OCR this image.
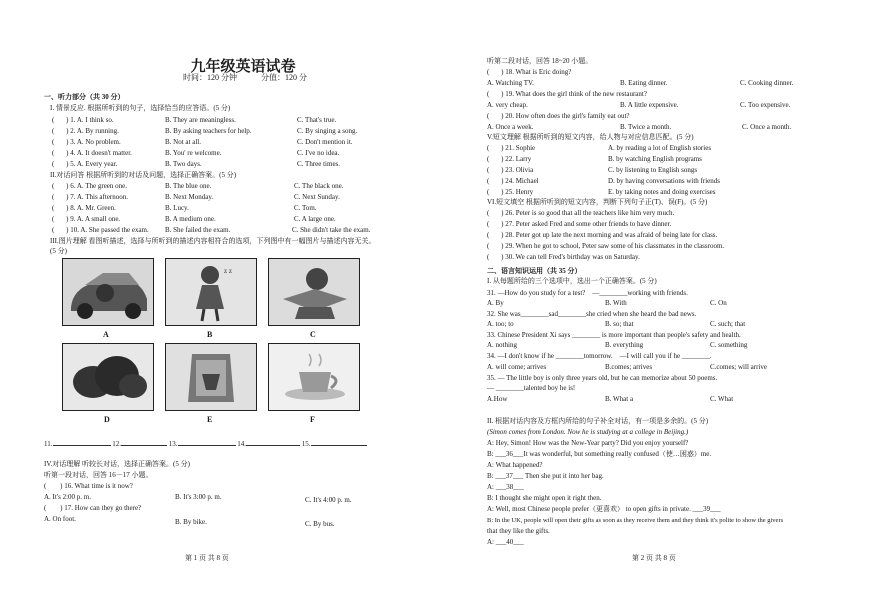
九年级英语试卷
时间：120 分钟	分值：120 分
一、听力部分（共 30 分）
I. 情景反应. 根据所听到的句子，选择恰当的应答语。(5 分)
( ) 1. A. I think so.	B. They are meaningless.	C. That's true.
( ) 2. A. By running.	B. By asking teachers for help.	C. By singing a song.
( ) 3. A. No problem.	B. Not at all.	C. Don't mention it.
( ) 4. A. It doesn't matter.	B. You' re welcome.	C. I've no idea.
( ) 5. A. Every year.	B. Two days.	C. Three times.
II.对话问答 根据所听到的对话及问题，选择正确答案。(5 分)
( ) 6. A. The green one.	B. The blue one.	C. The black one.
( ) 7. A. This afternoon.	B. Next Monday.	C. Next Sunday.
( ) 8. A. Mr. Green.	B. Lucy.	C. Tom.
( ) 9. A. A small one.	B. A medium one.	C. A large one.
( ) 10. A. She passed the exam. B. She failed the exam.	C. She didn't take the exam.
III.图片理解 看图听描述，选择与所听到的描述内容相符合的选项，下列图中有一幅图片与描述内容无关。
(5 分)
z z
A	B	C
D	E	F
11.	12.	13.	14.	15.
IV.对话理解 听较长对话，选择正确答案。(5 分)
听第一段对话，回答 16－17 小题。
( ) 16. What time is it now?
A. It's 2:00 p. m.	B. It's 3:00 p. m.	C. It's 4:00 p. m.
( ) 17. How can they go there?
A. On foot.	B. By bike.	C. By bus.
第 1 页 共 8 页
听第二段对话，回答 18~20 小题。
( ) 18. What is Eric doing?
A. Watching TV.	B. Eating dinner.	C. Cooking dinner.
( ) 19. What does the girl think of the new restaurant?
A. very cheap.	B. A little expensive.	C. Too expensive.
( ) 20. How often does the girl's family eat out?
A. Once a week.	B. Twice a month.	C. Once a month.
V.短文理解 根据所听到的短文内容，给人物与对应信息匹配。(5 分)
( ) 21. Sophie	A. by reading a lot of English stories
( ) 22. Larry	B. by watching English programs
( ) 23. Olivia	C. by listening to English songs
( ) 24. Michael	D. by having conversations with friends
( ) 25. Henry	E. by taking notes and doing exercises
VI.短文填空 根据所听到的短文内容，判断下列句子正(T)、误(F)。(5 分)
( ) 26. Peter is so good that all the teachers like him very much.
( ) 27. Peter asked Fred and some other friends to have dinner.
( ) 28. Peter got up late the next morning and was afraid of being late for class.
( ) 29. When he got to school, Peter saw some of his classmates in the classroom.
( ) 30. We can tell Fred's birthday was on Saturday.
二、语言知识运用（共 35 分）
I. 从每题所给的三个选项中，选出一个正确答案。(5 分)
31. —How do you study for a test?　—________working with friends.
A. By	B. With	C. On
32. She was________sad________she cried when she heard the bad news.
A. too; to	B. so; that	C. such; that
33. Chinese President Xi says ________ is more important than people's safety and health.
A. nothing	B. everything	C. something
34. —I don't know if he ________tomorrow.　—I will call you if he ________.
A. will come; arrives	B.comes; arrives	C.comes; will arrive
35. — The little boy is only three years old, but he can memorize about 50 poems.
— ________talented boy he is!
A.How	B. What a	C. What
II. 根据对话内容及方框内所给的句子补全对话，有一项是多余的。(5 分)
(Simon comes from London. Now he is studying at a college in Beijing.)
A: Hey, Simon! How was the New-Year party? Did you enjoy yourself?
B: ___36___It was wonderful, but something really confused（使…困惑）me.
A: What happened?
B: ___37___ Then she put it into her bag.
A: ___38___
B: I thought she might open it right then.
A: Well, most Chinese people prefer（更喜欢） to open gifts in private. ___39___
B: In the UK, people will open their gifts as soon as they receive them and they think it's polite to show the givers
that they like the gifts.
A: ___40___
第 2 页 共 8 页
